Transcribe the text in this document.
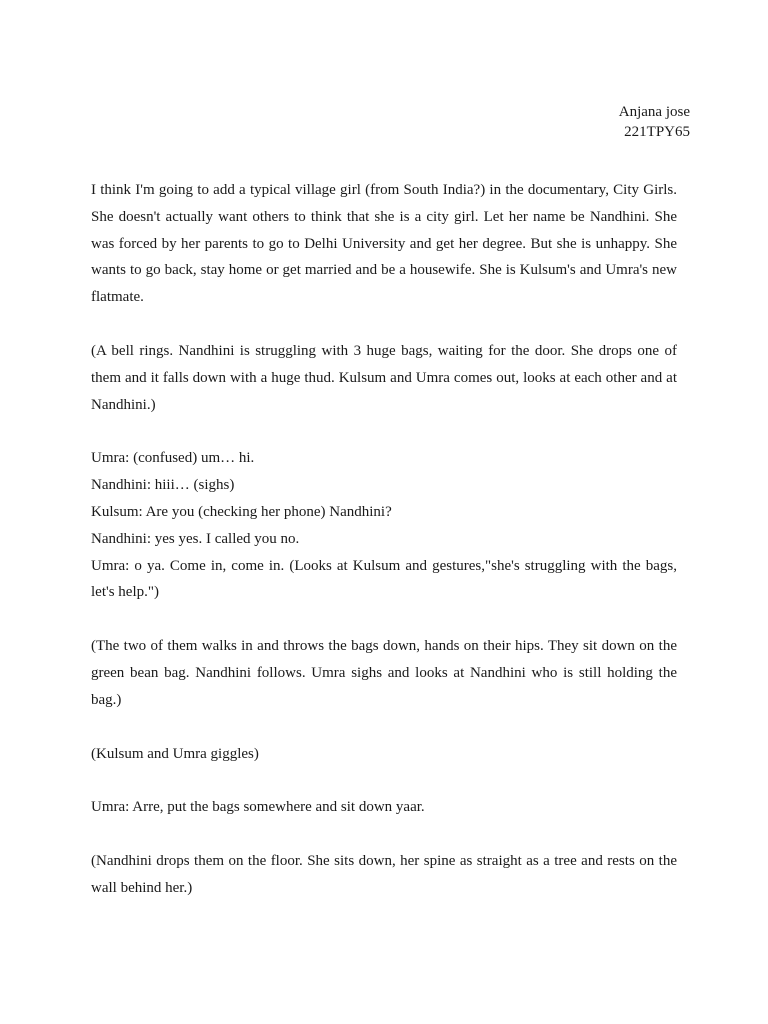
Anjana jose
221TPY65

I think I'm going to add a typical village girl (from South India?) in the documentary, City Girls. She doesn't actually want others to think that she is a city girl. Let her name be Nandhini. She was forced by her parents to go to Delhi University and get her degree. But she is unhappy. She wants to go back, stay home or get married and be a housewife. She is Kulsum's and Umra's new flatmate.

(A bell rings. Nandhini is struggling with 3 huge bags, waiting for the door. She drops one of them and it falls down with a huge thud. Kulsum and Umra comes out, looks at each other and at Nandhini.)

Umra: (confused) um… hi.
Nandhini: hiii… (sighs)
Kulsum: Are you (checking her phone) Nandhini?
Nandhini: yes yes. I called you no.
Umra: o ya. Come in, come in. (Looks at Kulsum and gestures,"she's struggling with the bags, let's help.")

(The two of them walks in and throws the bags down, hands on their hips. They sit down on the green bean bag. Nandhini follows. Umra sighs and looks at Nandhini who is still holding the bag.)

(Kulsum and Umra giggles)

Umra: Arre, put the bags somewhere and sit down yaar.

(Nandhini drops them on the floor. She sits down, her spine as straight as a tree and rests on the wall behind her.)
